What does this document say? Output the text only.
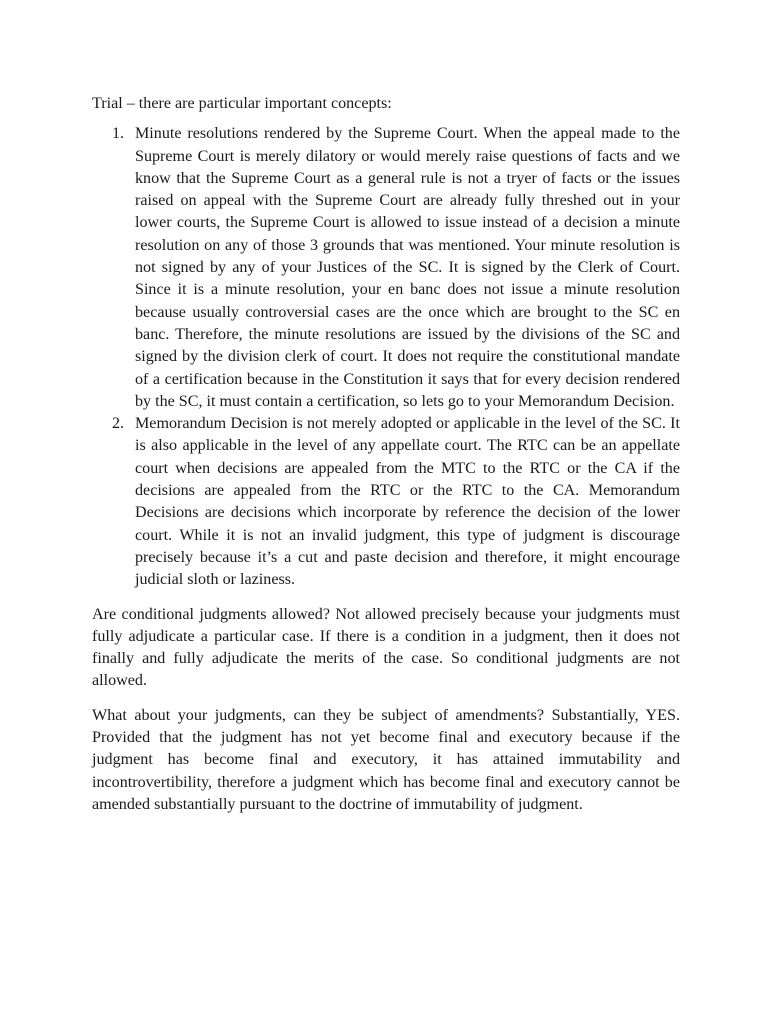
Trial – there are particular important concepts:

1. Minute resolutions rendered by the Supreme Court. When the appeal made to the Supreme Court is merely dilatory or would merely raise questions of facts and we know that the Supreme Court as a general rule is not a tryer of facts or the issues raised on appeal with the Supreme Court are already fully threshed out in your lower courts, the Supreme Court is allowed to issue instead of a decision a minute resolution on any of those 3 grounds that was mentioned. Your minute resolution is not signed by any of your Justices of the SC. It is signed by the Clerk of Court. Since it is a minute resolution, your en banc does not issue a minute resolution because usually controversial cases are the once which are brought to the SC en banc. Therefore, the minute resolutions are issued by the divisions of the SC and signed by the division clerk of court. It does not require the constitutional mandate of a certification because in the Constitution it says that for every decision rendered by the SC, it must contain a certification, so lets go to your Memorandum Decision.
2. Memorandum Decision is not merely adopted or applicable in the level of the SC. It is also applicable in the level of any appellate court. The RTC can be an appellate court when decisions are appealed from the MTC to the RTC or the CA if the decisions are appealed from the RTC or the RTC to the CA. Memorandum Decisions are decisions which incorporate by reference the decision of the lower court. While it is not an invalid judgment, this type of judgment is discourage precisely because it’s a cut and paste decision and therefore, it might encourage judicial sloth or laziness.

Are conditional judgments allowed? Not allowed precisely because your judgments must fully adjudicate a particular case. If there is a condition in a judgment, then it does not finally and fully adjudicate the merits of the case. So conditional judgments are not allowed.

What about your judgments, can they be subject of amendments? Substantially, YES. Provided that the judgment has not yet become final and executory because if the judgment has become final and executory, it has attained immutability and incontrovertibility, therefore a judgment which has become final and executory cannot be amended substantially pursuant to the doctrine of immutability of judgment.
